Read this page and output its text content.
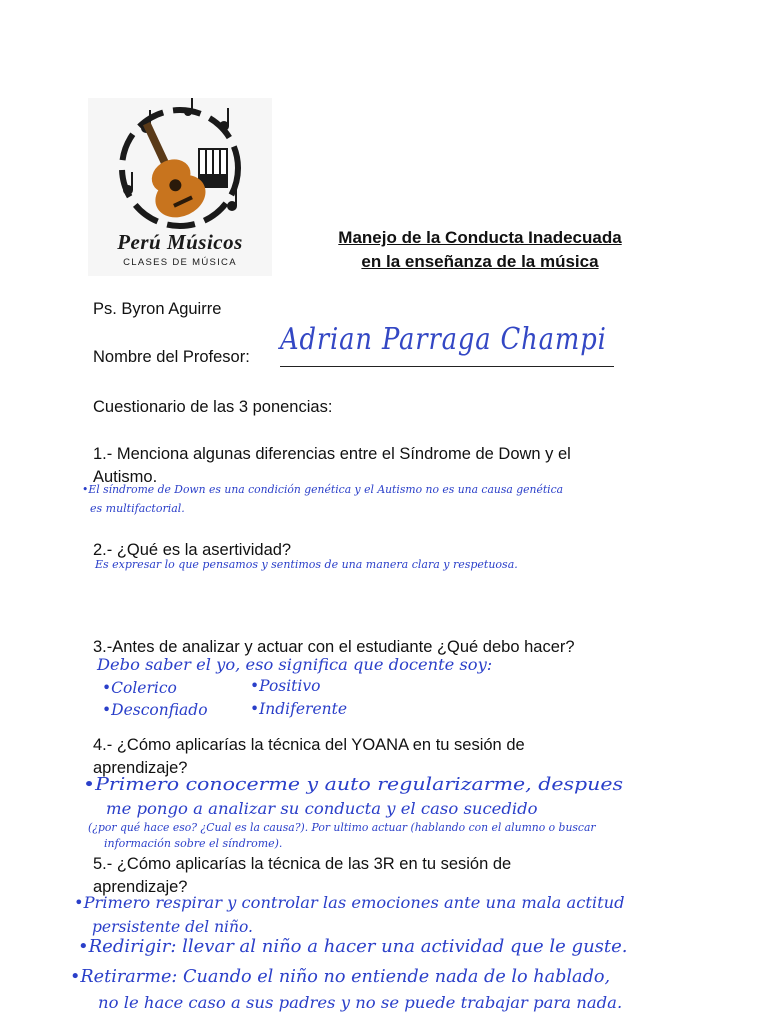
Perú Músicos
CLASES DE MÚSICA
Manejo de la Conducta Inadecuada
en la enseñanza de la música
Ps. Byron Aguirre
Nombre del Profesor: Adrian Parraga Champi
Cuestionario de las 3 ponencias:
1.- Menciona algunas diferencias entre el Síndrome de Down y el
Autismo.
•El síndrome de Down es una condición genética y el Autismo no es una causa genética
es multifactorial.
2.- ¿Qué es la asertividad?
Es expresar lo que pensamos y sentimos de una manera clara y respetuosa.
3.-Antes de analizar y actuar con el estudiante ¿Qué debo hacer?
Debo saber el yo, eso significa que docente soy:
•Colerico	•Positivo
•Desconfiado	•Indiferente
4.- ¿Cómo aplicarías la técnica del YOANA en tu sesión de
aprendizaje?
•Primero conocerme y auto regularizarme, despues
me pongo a analizar su conducta y el caso sucedido
(¿por qué hace eso? ¿Cual es la causa?). Por ultimo actuar (hablando con el alumno o buscar
información sobre el síndrome).
5.- ¿Cómo aplicarías la técnica de las 3R en tu sesión de
aprendizaje?
•Primero respirar y controlar las emociones ante una mala actitud
persistente del niño.
•Redirigir: llevar al niño a hacer una actividad que le guste.
•Retirarme: Cuando el niño no entiende nada de lo hablado,
no le hace caso a sus padres y no se puede trabajar para nada.
